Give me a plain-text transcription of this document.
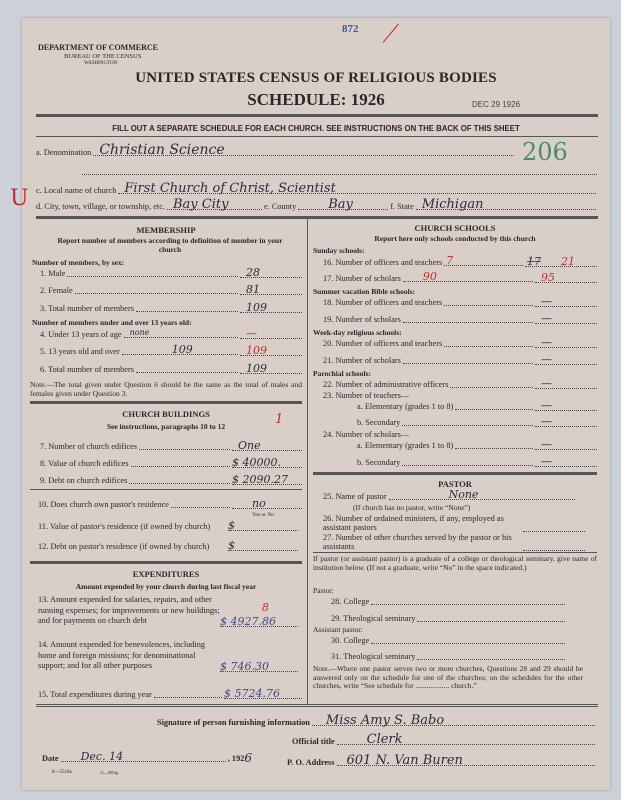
DEPARTMENT OF COMMERCE
BUREAU OF THE CENSUS
WASHINGTON
872
UNITED STATES CENSUS OF RELIGIOUS BODIES
SCHEDULE: 1926	DEC 29 1926
FILL OUT A SEPARATE SCHEDULE FOR EACH CHURCH. SEE INSTRUCTIONS ON THE BACK OF THIS SHEET
a. Denomination Christian Science	206
c. Local name of church First Church of Christ, Scientist
U d. City, town, village, or township, etc. Bay City	e. County Bay	f. State Michigan
MEMBERSHIP
Report number of members according to definition of member in your church
Number of members, by sex:
1. Male	28
2. Female	81
3. Total number of members	109
Number of members under and over 13 years old:
4. Under 13 years of age none	—
5. 13 years old and over	109	109
6. Total number of members	109
Note.—The total given under Question 6 should be the same as the total of males and females given under Question 3.
CHURCH BUILDINGS
See instructions, paragraphs 10 to 12	1
7. Number of church edifices	One
8. Value of church edifices	$ 40000.
9. Debt on church edifices	$ 2090.27
10. Does church own pastor's residence	no
Yes or No
11. Value of pastor's residence (if owned by church)	$
12. Debt on pastor's residence (if owned by church)	$
EXPENDITURES
Amount expended by your church during last fiscal year
13. Amount expended for salaries, repairs, and other running expenses; for improvements or new buildings; and for payments on church debt	$ 4927.86
8
14. Amount expended for benevolences, including home and foreign missions; for denominational support; and for all other purposes	$ 746.30
15. Total expenditures during year	$ 5724.76
CHURCH SCHOOLS
Report here only schools conducted by this church
Sunday schools:
16. Number of officers and teachers 7	17 21
17. Number of scholars 90	95
Summer vacation Bible schools:
18. Number of officers and teachers	—
19. Number of scholars	—
Week-day religious schools:
20. Number of officers and teachers	—
21. Number of scholars	—
Parochial schools:
22. Number of administrative officers	—
23. Number of teachers—
a. Elementary (grades 1 to 8)	—
b. Secondary	—
24. Number of scholars—
a. Elementary (grades 1 to 8)	—
b. Secondary	—
PASTOR
25. Name of pastor	None
(If church has no pastor, write “None”)
26. Number of ordained ministers, if any, employed as assistant pastors
27. Number of other churches served by the pastor or his assistants
If pastor (or assistant pastor) is a graduate of a college or theological seminary, give name of institution below. (If not a graduate, write “No” in the space indicated.)
Pastor:
28. College
29. Theological seminary
Assistant pastor:
30. College
31. Theological seminary
Note.—Where one pastor serves two or more churches, Questions 28 and 29 should be answered only on the schedule for one of the churches; on the schedules for the other churches, write “See schedule for .................. church.”
Signature of person furnishing information Miss Amy S. Babo
Official title Clerk
Date Dec. 14	, 192 6	P. O. Address 601 N. Van Buren
8—5518a	11—0054g
